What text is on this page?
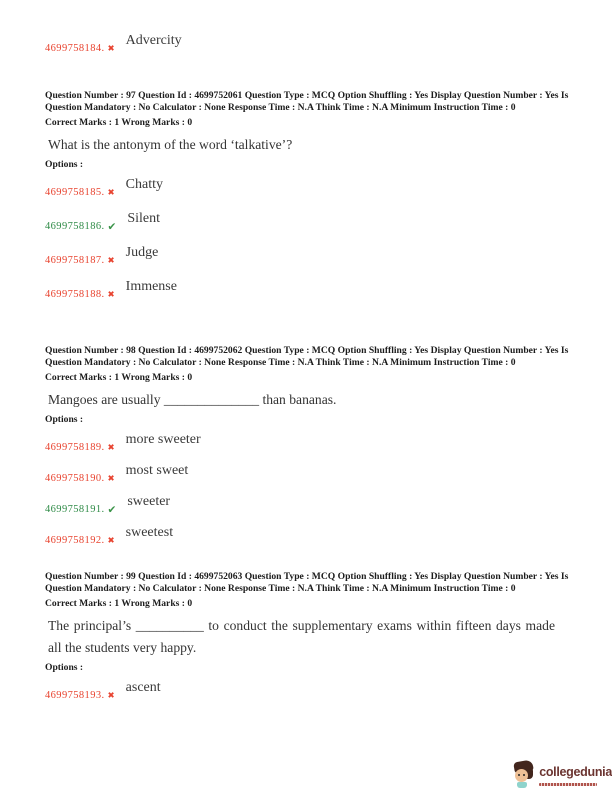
4699758184. ✖
Advercity

Question Number : 97 Question Id : 4699752061 Question Type : MCQ Option Shuffling : Yes Display Question Number : Yes Is Question Mandatory : No Calculator : None Response Time : N.A Think Time : N.A Minimum Instruction Time : 0

Correct Marks : 1 Wrong Marks : 0

What is the antonym of the word ‘talkative’?

Options :

4699758185. ✖
Chatty
4699758186. ✔
Silent
4699758187. ✖
Judge
4699758188. ✖
Immense

Question Number : 98 Question Id : 4699752062 Question Type : MCQ Option Shuffling : Yes Display Question Number : Yes Is Question Mandatory : No Calculator : None Response Time : N.A Think Time : N.A Minimum Instruction Time : 0

Correct Marks : 1 Wrong Marks : 0

Mangoes are usually ______________ than bananas.

Options :

4699758189. ✖
more sweeter
4699758190. ✖
most sweet
4699758191. ✔
sweeter
4699758192. ✖
sweetest

Question Number : 99 Question Id : 4699752063 Question Type : MCQ Option Shuffling : Yes Display Question Number : Yes Is Question Mandatory : No Calculator : None Response Time : N.A Think Time : N.A Minimum Instruction Time : 0

Correct Marks : 1 Wrong Marks : 0

The principal’s __________ to conduct the supplementary exams within fifteen days made all the students very happy.

Options :

4699758193. ✖
ascent
collegedunia
